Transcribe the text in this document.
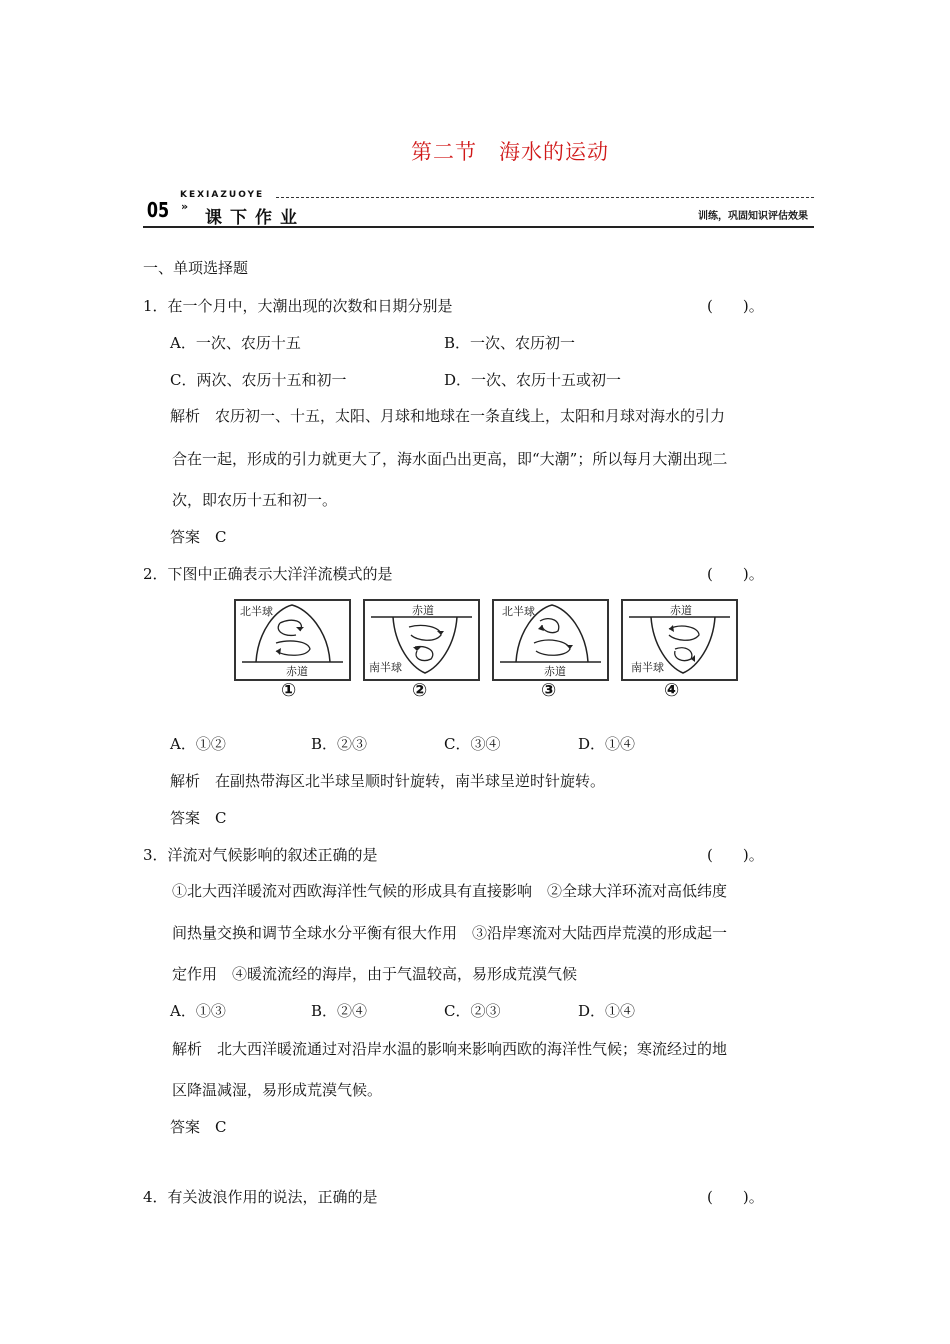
第二节　海水的运动
KEXIAZUOYE
05 »
课下作业	训练，巩固知识评估效果
一、单项选择题
1．在一个月中，大潮出现的次数和日期分别是	(　　)。
A．一次、农历十五	B．一次、农历初一
C．两次、农历十五和初一	D．一次、农历十五或初一
解析　农历初一、十五，太阳、月球和地球在一条直线上，太阳和月球对海水的引力
合在一起，形成的引力就更大了，海水面凸出更高，即“大潮”；所以每月大潮出现二
次，即农历十五和初一。
答案　C
2．下图中正确表示大洋洋流模式的是	(　　)。
北半球
赤道
①
赤道
南半球
②
北半球
赤道
③
赤道
南半球
④
A．①②	B．②③	C．③④	D．①④
解析　在副热带海区北半球呈顺时针旋转，南半球呈逆时针旋转。
答案　C
3．洋流对气候影响的叙述正确的是	(　　)。
①北大西洋暖流对西欧海洋性气候的形成具有直接影响　②全球大洋环流对高低纬度
间热量交换和调节全球水分平衡有很大作用　③沿岸寒流对大陆西岸荒漠的形成起一
定作用　④暖流流经的海岸，由于气温较高，易形成荒漠气候
A．①③	B．②④	C．②③	D．①④
解析　北大西洋暖流通过对沿岸水温的影响来影响西欧的海洋性气候；寒流经过的地
区降温减湿，易形成荒漠气候。
答案　C
4．有关波浪作用的说法，正确的是	(　　)。
